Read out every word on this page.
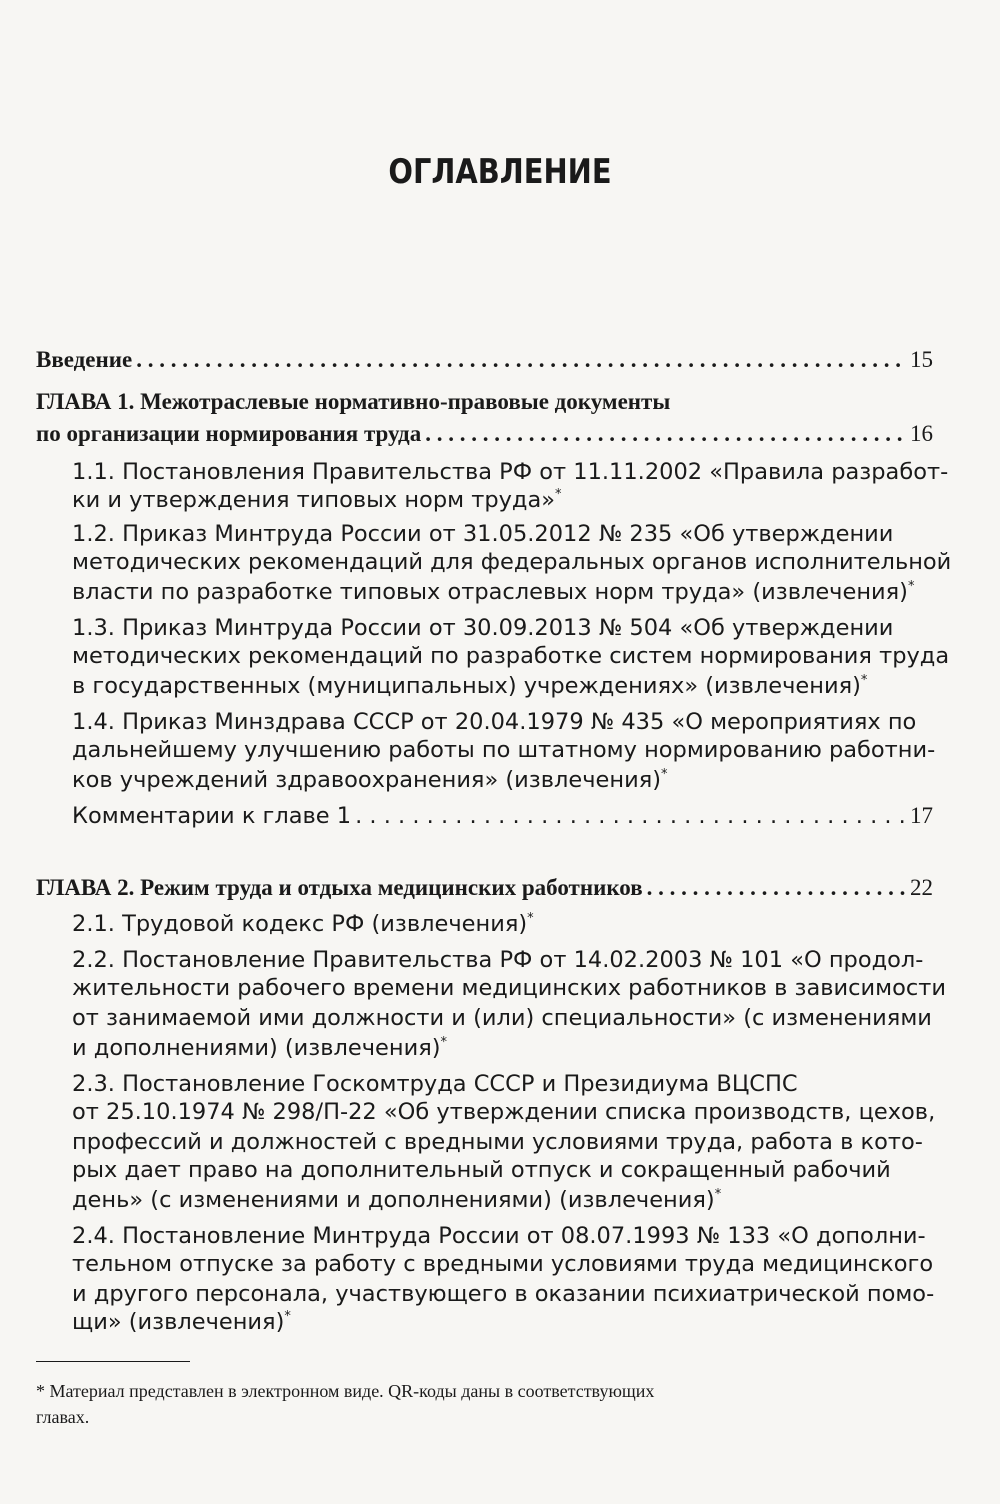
ОГЛАВЛЕНИЕ
Введение . . .	15
ГЛАВА 1. Межотраслевые нормативно-правовые документы
по организации нормирования труда . . .	16
1.1. Постановления Правительства РФ от 11.11.2002 «Правила разработ-
ки и утверждения типовых норм труда»*
1.2. Приказ Минтруда России от 31.05.2012 № 235 «Об утверждении
методических рекомендаций для федеральных органов исполнительной
власти по разработке типовых отраслевых норм труда» (извлечения)*
1.3. Приказ Минтруда России от 30.09.2013 № 504 «Об утверждении
методических рекомендаций по разработке систем нормирования труда
в государственных (муниципальных) учреждениях» (извлечения)*
1.4. Приказ Минздрава СССР от 20.04.1979 № 435 «О мероприятиях по
дальнейшему улучшению работы по штатному нормированию работни-
ков учреждений здравоохранения» (извлечения)*
Комментарии к главе 1 . . .	17
ГЛАВА 2. Режим труда и отдыха медицинских работников . . .	22
2.1. Трудовой кодекс РФ (извлечения)*
2.2. Постановление Правительства РФ от 14.02.2003 № 101 «О продол-
жительности рабочего времени медицинских работников в зависимости
от занимаемой ими должности и (или) специальности» (с изменениями
и дополнениями) (извлечения)*
2.3. Постановление Госкомтруда СССР и Президиума ВЦСПС
от 25.10.1974 № 298/П-22 «Об утверждении списка производств, цехов,
профессий и должностей с вредными условиями труда, работа в кото-
рых дает право на дополнительный отпуск и сокращенный рабочий
день» (с изменениями и дополнениями) (извлечения)*
2.4. Постановление Минтруда России от 08.07.1993 № 133 «О дополни-
тельном отпуске за работу с вредными условиями труда медицинского
и другого персонала, участвующего в оказании психиатрической помо-
щи» (извлечения)*
* Материал представлен в электронном виде. QR-коды даны в соответствующих
главах.
